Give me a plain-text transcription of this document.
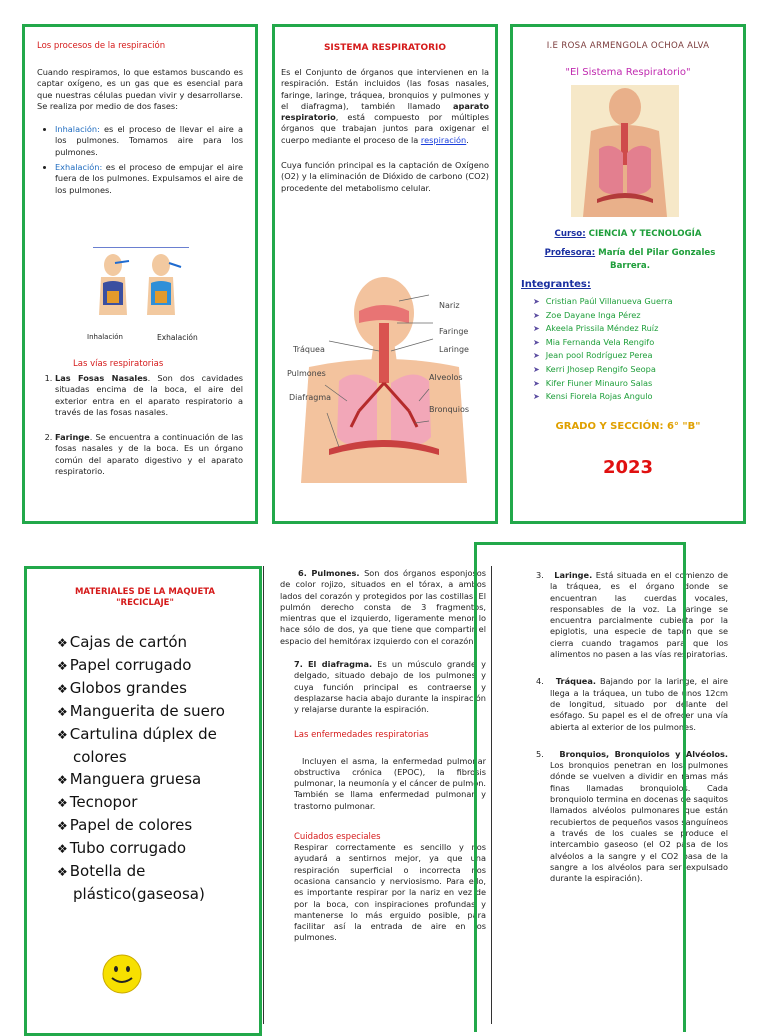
Los procesos de la respiración
Cuando respiramos, lo que estamos buscando es captar oxígeno, es un gas que es esencial para que nuestras células puedan vivir y desarrollarse. Se realiza por medio de dos fases:
• Inhalación: es el proceso de llevar el aire a los pulmones. Tomamos aire para los pulmones.
• Exhalación: es el proceso de empujar el aire fuera de los pulmones. Expulsamos el aire de los pulmones.
Inhalación	Exhalación
Las vías respiratorias
1. Las Fosas Nasales. Son dos cavidades situadas encima de la boca, el aire del exterior entra en el aparato respiratorio a través de las fosas nasales.
2. Faringe. Se encuentra a continuación de las fosas nasales y de la boca. Es un órgano común del aparato digestivo y el aparato respiratorio.
SISTEMA RESPIRATORIO
Es el Conjunto de órganos que intervienen en la respiración. Están incluidos (las fosas nasales, faringe, laringe, tráquea, bronquios y pulmones y el diafragma), también llamado aparato respiratorio, está compuesto por múltiples órganos que trabajan juntos para oxigenar el cuerpo mediante el proceso de la respiración.
Cuya función principal es la captación de Oxígeno (O2) y la eliminación de Dióxido de carbono (CO2) procedente del metabolismo celular.
Nariz
Faringe
Tráquea	Laringe
Pulmones	Alveolos
Diafragma
Bronquios
I.E ROSA ARMENGOLA OCHOA ALVA
"El Sistema Respiratorio"
Curso: CIENCIA Y TECNOLOGÍA
Profesora: María del Pilar Gonzales Barrera.
Integrantes:
➤ Cristian Paúl Villanueva Guerra
➤ Zoe Dayane Inga Pérez
➤ Akeela Prissila Méndez Ruíz
➤ Mia Fernanda Vela Rengifo
➤ Jean pool Rodríguez Perea
➤ Kerri Jhosep Rengifo Seopa
➤ Kifer Fiuner Minauro Salas
➤ Kensi Fiorela Rojas Angulo
GRADO Y SECCIÓN: 6° "B"
2023
MATERIALES DE LA MAQUETA "RECICLAJE"
❖ Cajas de cartón
❖ Papel corrugado
❖ Globos grandes
❖ Manguerita de suero
❖ Cartulina dúplex de colores
❖ Manguera gruesa
❖ Tecnopor
❖ Papel de colores
❖ Tubo corrugado
❖ Botella de plástico(gaseosa)
6. Pulmones. Son dos órganos esponjosos de color rojizo, situados en el tórax, a ambos lados del corazón y protegidos por las costillas. El pulmón derecho consta de 3 fragmentos, mientras que el izquierdo, ligeramente menor lo hace sólo de dos, ya que tiene que compartir el espacio del hemitórax izquierdo con el corazón.
7. El diafragma. Es un músculo grande y delgado, situado debajo de los pulmones y cuya función principal es contraerse y desplazarse hacia abajo durante la inspiración y relajarse durante la espiración.
Las enfermedades respiratorias
Incluyen el asma, la enfermedad pulmonar obstructiva crónica (EPOC), la fibrosis pulmonar, la neumonía y el cáncer de pulmón. También se llama enfermedad pulmonar y trastorno pulmonar.
Cuidados especiales
Respirar correctamente es sencillo y nos ayudará a sentirnos mejor, ya que una respiración superficial o incorrecta nos ocasiona cansancio y nerviosismo. Para ello, es importante respirar por la nariz en vez de por la boca, con inspiraciones profundas y mantenerse lo más erguido posible, para facilitar así la entrada de aire en los pulmones.
3. Laringe. Está situada en el comienzo de la tráquea, es el órgano donde se encuentran las cuerdas vocales, responsables de la voz. La laringe se encuentra parcialmente cubierta por la epiglotis, una especie de tapón que se cierra cuando tragamos para que los alimentos no pasen a las vías respiratorias.
4. Tráquea. Bajando por la laringe, el aire llega a la tráquea, un tubo de unos 12cm de longitud, situado por delante del esófago. Su papel es el de ofrecer una vía abierta al exterior de los pulmones.
5. Bronquios, Bronquiolos y Alvéolos. Los bronquios penetran en los pulmones dónde se vuelven a dividir en ramas más finas llamadas bronquiolos. Cada bronquiolo termina en docenas de saquitos llamados alvéolos pulmonares que están recubiertos de pequeños vasos sanguíneos a través de los cuales se produce el intercambio gaseoso (el O2 pasa de los alvéolos a la sangre y el CO2 pasa de la sangre a los alvéolos para ser expulsado durante la espiración).
